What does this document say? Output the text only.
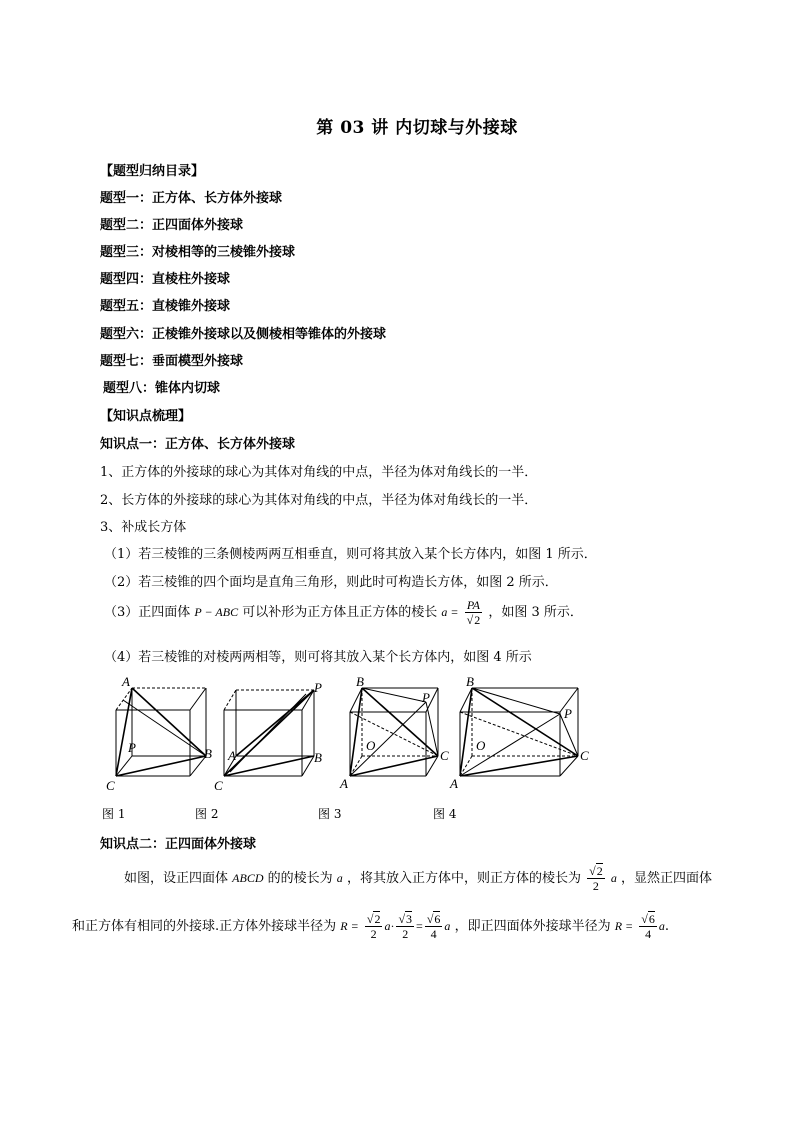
第 03 讲 内切球与外接球
【题型归纳目录】
题型一：正方体、长方体外接球
题型二：正四面体外接球
题型三：对棱相等的三棱锥外接球
题型四：直棱柱外接球
题型五：直棱锥外接球
题型六：正棱锥外接球以及侧棱相等锥体的外接球
题型七：垂面模型外接球
题型八：锥体内切球
【知识点梳理】
知识点一：正方体、长方体外接球
1、正方体的外接球的球心为其体对角线的中点，半径为体对角线长的一半．
2、长方体的外接球的球心为其体对角线的中点，半径为体对角线长的一半．
3、补成长方体
（1）若三棱锥的三条侧棱两两互相垂直，则可将其放入某个长方体内，如图 1 所示．
（2）若三棱锥的四个面均是直角三角形，则此时可构造长方体，如图 2 所示．
（3）正四面体 P − ABC 可以补形为正方体且正方体的棱长 $a = \frac{PA}{√2}$ ，如图 3 所示．
（4）若三棱锥的对棱两两相等，则可将其放入某个长方体内，如图 4 所示
A
P	B
C
P
A	B
C
B
P
O
C
A
B
P
O
C
A
图 1	图 2	图 3	图 4
知识点二：正四面体外接球
如图，设正四面体 ABCD 的的棱长为 a ，将其放入正方体中，则正方体的棱长为 $\frac{√2}{2}$ a ，显然正四面体
和正方体有相同的外接球.正方体外接球半径为 $R = \frac{√2}{2} a\cdot \frac{√3}{2} = \frac{√6}{4}$ a ，即正四面体外接球半径为 $R = \frac{√6}{4} a$.
